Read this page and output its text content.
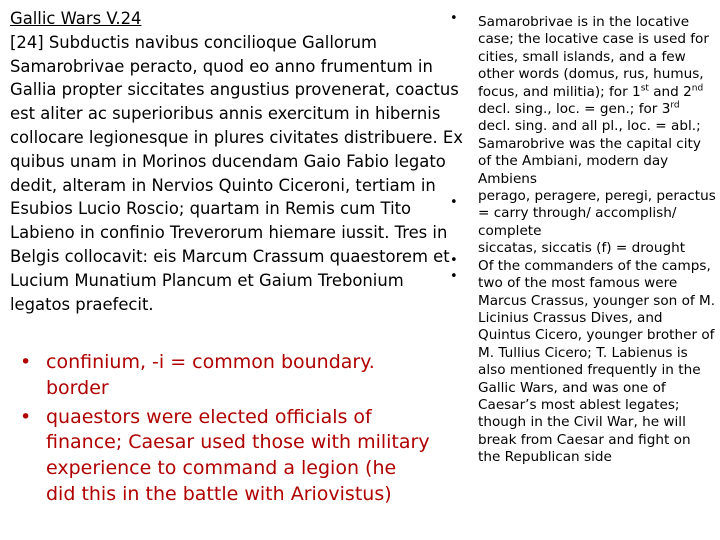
Gallic Wars V.24
[24] Subductis navibus concilioque Gallorum
Samarobrivae peracto, quod eo anno frumentum in
Gallia propter siccitates angustius provenerat, coactus
est aliter ac superioribus annis exercitum in hibernis
collocare legionesque in plures civitates distribuere. Ex
quibus unam in Morinos ducendam Gaio Fabio legato
dedit, alteram in Nervios Quinto Ciceroni, tertiam in
Esubios Lucio Roscio; quartam in Remis cum Tito
Labieno in confinio Treverorum hiemare iussit. Tres in
Belgis collocavit: eis Marcum Crassum quaestorem et
Lucium Munatium Plancum et Gaium Trebonium
legatos praefecit.
•
•
•
•
• confinium, -i = common boundary. border
• quaestors were elected officials of finance; Caesar used those with military experience to command a legion (he did this in the battle with Ariovistus)
Samarobrivae is in the locative case; the locative case is used for cities, small islands, and a few other words (domus, rus, humus, focus, and militia); for 1st and 2nd decl. sing., loc. = gen.; for 3rd decl. sing. and all pl., loc. = abl.; Samarobrive was the capital city of the Ambiani, modern day Ambiens
perago, peragere, peregi, peractus = carry through/ accomplish/ complete
siccatas, siccatis (f) = drought
Of the commanders of the camps, two of the most famous were Marcus Crassus, younger son of M. Licinius Crassus Dives, and Quintus Cicero, younger brother of M. Tullius Cicero; T. Labienus is also mentioned frequently in the Gallic Wars, and was one of Caesar’s most ablest legates; though in the Civil War, he will break from Caesar and fight on the Republican side
